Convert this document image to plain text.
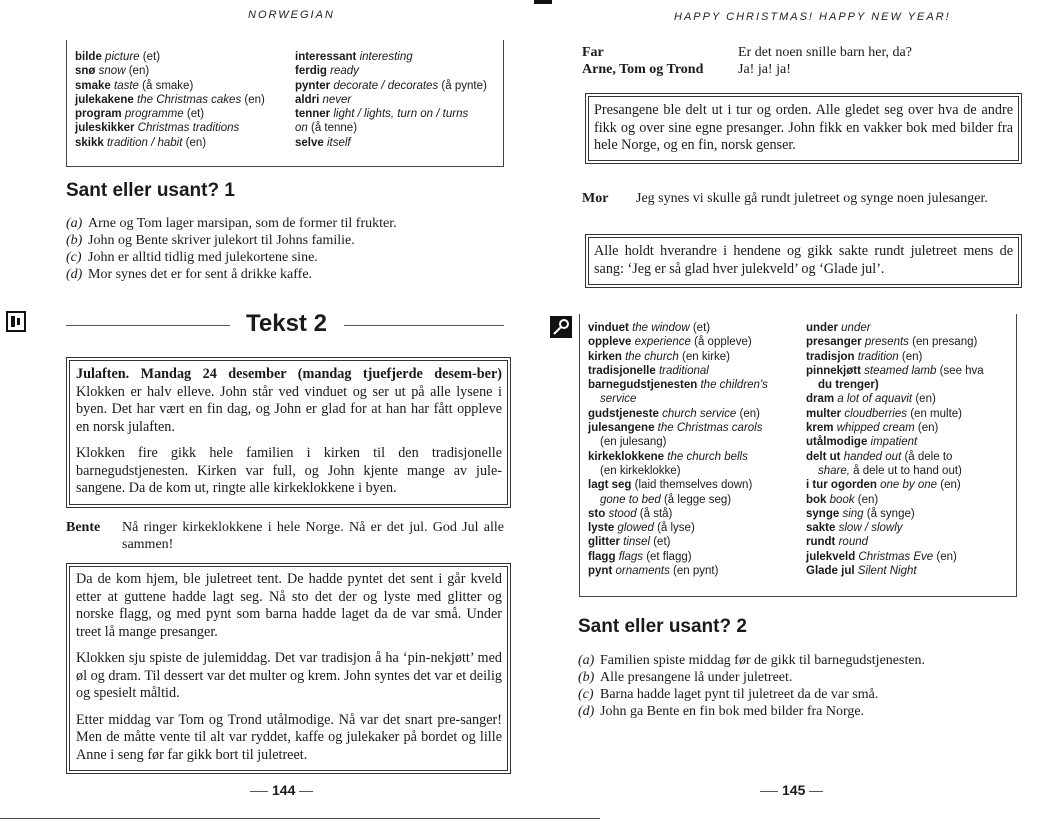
NORWEGIAN
bilde picture (et)
snø snow (en)
smake taste (å smake)
julekakene the Christmas cakes (en)
program programme (et)
juleskikker Christmas traditions
skikk tradition / habit (en)
interessant interesting
ferdig ready
pynter decorate / decorates (å pynte)
aldri never
tenner light / lights, turn on / turns
on (å tenne)
selve itself
Sant eller usant? 1
(a) Arne og Tom lager marsipan, som de former til frukter.
(b) John og Bente skriver julekort til Johns familie.
(c) John er alltid tidlig med julekortene sine.
(d) Mor synes det er for sent å drikke kaffe.
Tekst 2

Julaften. Mandag 24 desember (mandag tjuefjerde desem-ber) Klokken er halv elleve. John står ved vinduet og ser ut på alle lysene i byen. Det har vært en fin dag, og John er glad for at han har fått oppleve en norsk julaften.

Klokken fire gikk hele familien i kirken til den tradisjonelle barnegudstjenesten. Kirken var full, og John kjente mange av jule-sangene. Da de kom ut, ringte alle kirkeklokkene i byen.

Bente Nå ringer kirkeklokkene i hele Norge. Nå er det jul. God Jul alle sammen!

Da de kom hjem, ble juletreet tent. De hadde pyntet det sent i går kveld etter at guttene hadde lagt seg. Nå sto det der og lyste med glitter og norske flagg, og med pynt som barna hadde laget da de var små. Under treet lå mange presanger.

Klokken sju spiste de julemiddag. Det var tradisjon å ha ‘pin-nekjøtt’ med øl og dram. Til dessert var det multer og krem. John syntes det var et deilig og spesielt måltid.

Etter middag var Tom og Trond utålmodige. Nå var det snart pre-sanger! Men de måtte vente til alt var ryddet, kaffe og julekaker på bordet og lille Anne i seng før far gikk bort til juletreet.

144
HAPPY CHRISTMAS! HAPPY NEW YEAR!
Far	Er det noen snille barn her, da?
Arne, Tom og Trond Ja! ja! ja!

Presangene ble delt ut i tur og orden. Alle gledet seg over hva de andre fikk og over sine egne presanger. John fikk en vakker bok med bilder fra hele Norge, og en fin, norsk genser.

Mor Jeg synes vi skulle gå rundt juletreet og synge noen julesanger.

Alle holdt hverandre i hendene og gikk sakte rundt juletreet mens de sang: ‘Jeg er så glad hver julekveld’ og ‘Glade jul’.

vinduet the window (et)
oppleve experience (å oppleve)
kirken the church (en kirke)
tradisjonelle traditional
barnegudstjenesten the children's
service
gudstjeneste church service (en)
julesangene the Christmas carols
(en julesang)
kirkeklokkene the church bells
(en kirkeklokke)
lagt seg (laid themselves down)
gone to bed (å legge seg)
sto stood (å stå)
lyste glowed (å lyse)
glitter tinsel (et)
flagg flags (et flagg)
pynt ornaments (en pynt)
under under
presanger presents (en presang)
tradisjon tradition (en)
pinnekjøtt steamed lamb (see hva
du trenger)
dram a lot of aquavit (en)
multer cloudberries (en multe)
krem whipped cream (en)
utålmodige impatient
delt ut handed out (å dele to
share, å dele ut to hand out)
i tur ogorden one by one (en)
bok book (en)
synge sing (å synge)
sakte slow / slowly
rundt round
julekveld Christmas Eve (en)
Glade jul Silent Night
Sant eller usant? 2
(a) Familien spiste middag før de gikk til barnegudstjenesten.
(b) Alle presangene lå under juletreet.
(c) Barna hadde laget pynt til juletreet da de var små.
(d) John ga Bente en fin bok med bilder fra Norge.
145
